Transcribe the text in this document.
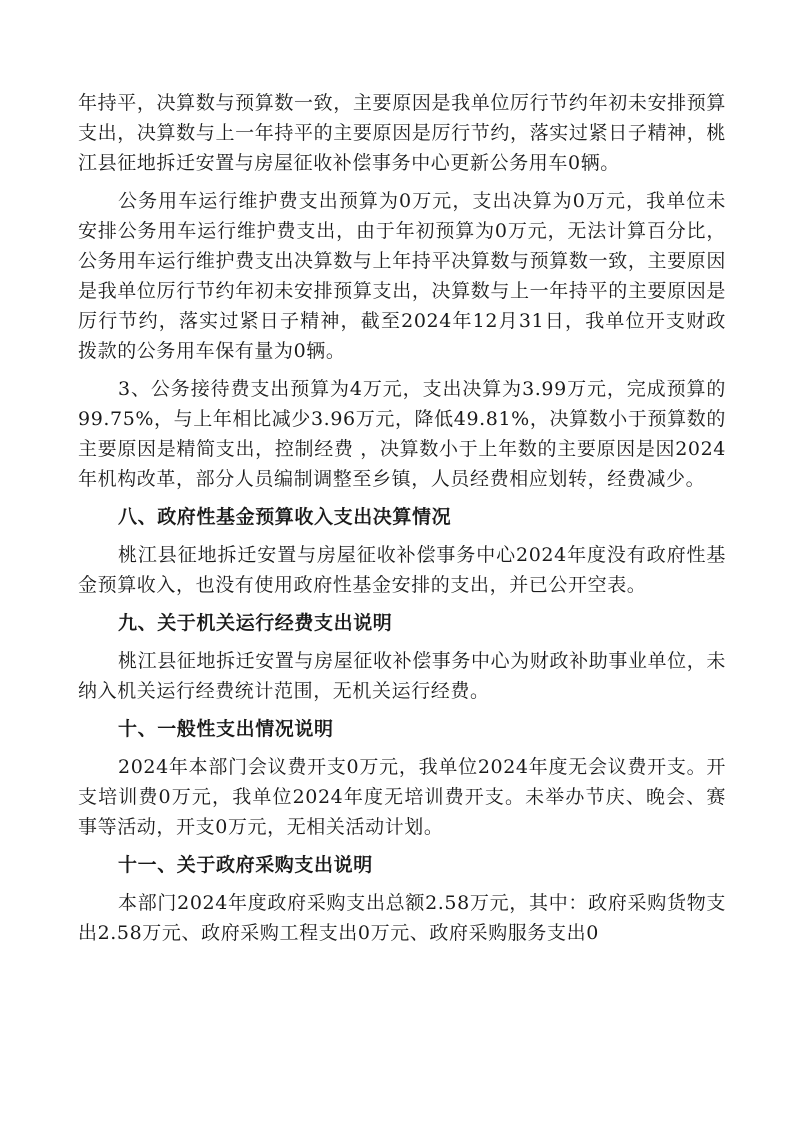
年持平，决算数与预算数一致，主要原因是我单位厉行节约年初未安排预算支出，决算数与上一年持平的主要原因是厉行节约，落实过紧日子精神，桃江县征地拆迁安置与房屋征收补偿事务中心更新公务用车0辆。

公务用车运行维护费支出预算为0万元，支出决算为0万元，我单位未安排公务用车运行维护费支出，由于年初预算为0万元，无法计算百分比，公务用车运行维护费支出决算数与上年持平决算数与预算数一致，主要原因是我单位厉行节约年初未安排预算支出，决算数与上一年持平的主要原因是厉行节约，落实过紧日子精神，截至2024年12月31日，我单位开支财政拨款的公务用车保有量为0辆。

3、公务接待费支出预算为4万元，支出决算为3.99万元，完成预算的99.75%，与上年相比减少3.96万元，降低49.81%，决算数小于预算数的主要原因是精简支出，控制经费 ，决算数小于上年数的主要原因是因2024年机构改革，部分人员编制调整至乡镇，人员经费相应划转，经费减少。

八、政府性基金预算收入支出决算情况

桃江县征地拆迁安置与房屋征收补偿事务中心2024年度没有政府性基金预算收入，也没有使用政府性基金安排的支出，并已公开空表。

九、关于机关运行经费支出说明

桃江县征地拆迁安置与房屋征收补偿事务中心为财政补助事业单位，未纳入机关运行经费统计范围，无机关运行经费。

十、一般性支出情况说明

2024年本部门会议费开支0万元，我单位2024年度无会议费开支。开支培训费0万元，我单位2024年度无培训费开支。未举办节庆、晚会、赛事等活动，开支0万元，无相关活动计划。

十一、关于政府采购支出说明

本部门2024年度政府采购支出总额2.58万元，其中：政府采购货物支出2.58万元、政府采购工程支出0万元、政府采购服务支出0
